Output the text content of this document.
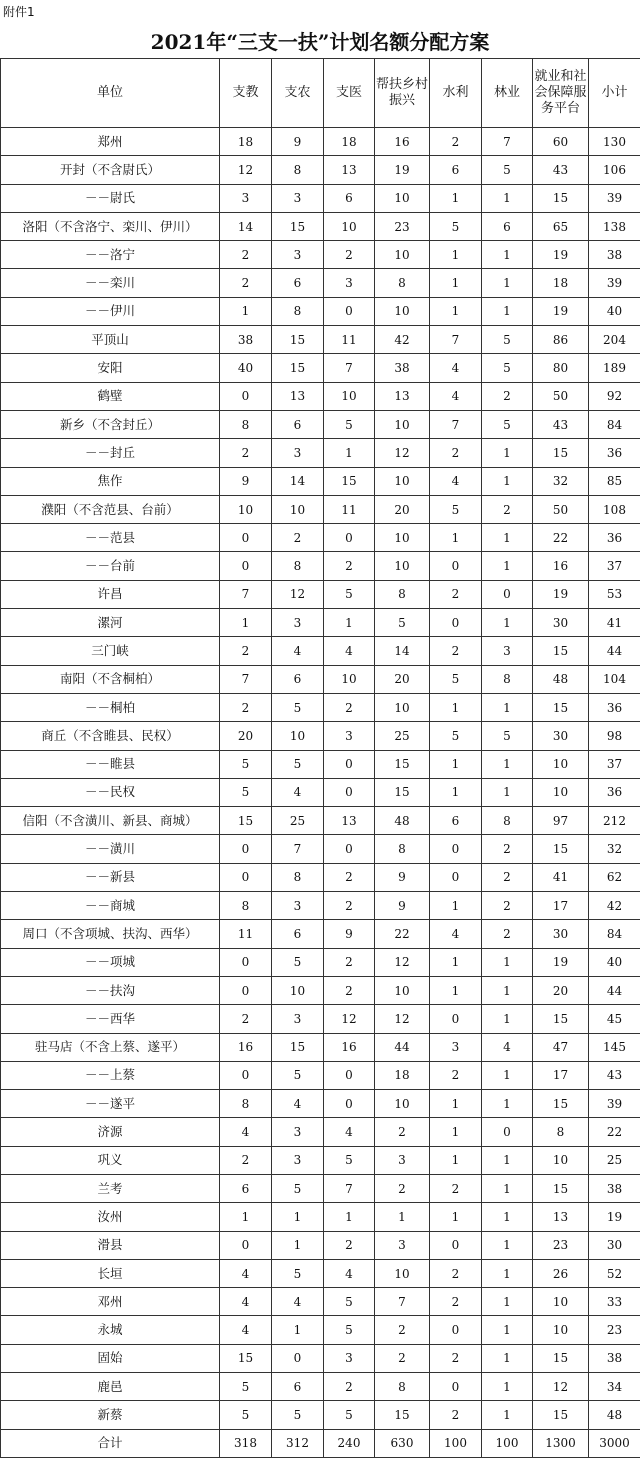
附件1
2021年“三支一扶”计划名额分配方案
单位	支教	支农	支医	帮扶乡村振兴	水利	林业	就业和社会保障服务平台	小计
郑州	18	9	18	16	2	7	60	130
开封（不含尉氏）	12	8	13	19	6	5	43	106
－－尉氏	3	3	6	10	1	1	15	39
洛阳（不含洛宁、栾川、伊川）	14	15	10	23	5	6	65	138
－－洛宁	2	3	2	10	1	1	19	38
－－栾川	2	6	3	8	1	1	18	39
－－伊川	1	8	0	10	1	1	19	40
平顶山	38	15	11	42	7	5	86	204
安阳	40	15	7	38	4	5	80	189
鹤壁	0	13	10	13	4	2	50	92
新乡（不含封丘）	8	6	5	10	7	5	43	84
－－封丘	2	3	1	12	2	1	15	36
焦作	9	14	15	10	4	1	32	85
濮阳（不含范县、台前）	10	10	11	20	5	2	50	108
－－范县	0	2	0	10	1	1	22	36
－－台前	0	8	2	10	0	1	16	37
许昌	7	12	5	8	2	0	19	53
漯河	1	3	1	5	0	1	30	41
三门峡	2	4	4	14	2	3	15	44
南阳（不含桐柏）	7	6	10	20	5	8	48	104
－－桐柏	2	5	2	10	1	1	15	36
商丘（不含睢县、民权）	20	10	3	25	5	5	30	98
－－睢县	5	5	0	15	1	1	10	37
－－民权	5	4	0	15	1	1	10	36
信阳（不含潢川、新县、商城）	15	25	13	48	6	8	97	212
－－潢川	0	7	0	8	0	2	15	32
－－新县	0	8	2	9	0	2	41	62
－－商城	8	3	2	9	1	2	17	42
周口（不含项城、扶沟、西华）	11	6	9	22	4	2	30	84
－－项城	0	5	2	12	1	1	19	40
－－扶沟	0	10	2	10	1	1	20	44
－－西华	2	3	12	12	0	1	15	45
驻马店（不含上蔡、遂平）	16	15	16	44	3	4	47	145
－－上蔡	0	5	0	18	2	1	17	43
－－遂平	8	4	0	10	1	1	15	39
济源	4	3	4	2	1	0	8	22
巩义	2	3	5	3	1	1	10	25
兰考	6	5	7	2	2	1	15	38
汝州	1	1	1	1	1	1	13	19
滑县	0	1	2	3	0	1	23	30
长垣	4	5	4	10	2	1	26	52
邓州	4	4	5	7	2	1	10	33
永城	4	1	5	2	0	1	10	23
固始	15	0	3	2	2	1	15	38
鹿邑	5	6	2	8	0	1	12	34
新蔡	5	5	5	15	2	1	15	48
合计	318	312	240	630	100	100	1300	3000
